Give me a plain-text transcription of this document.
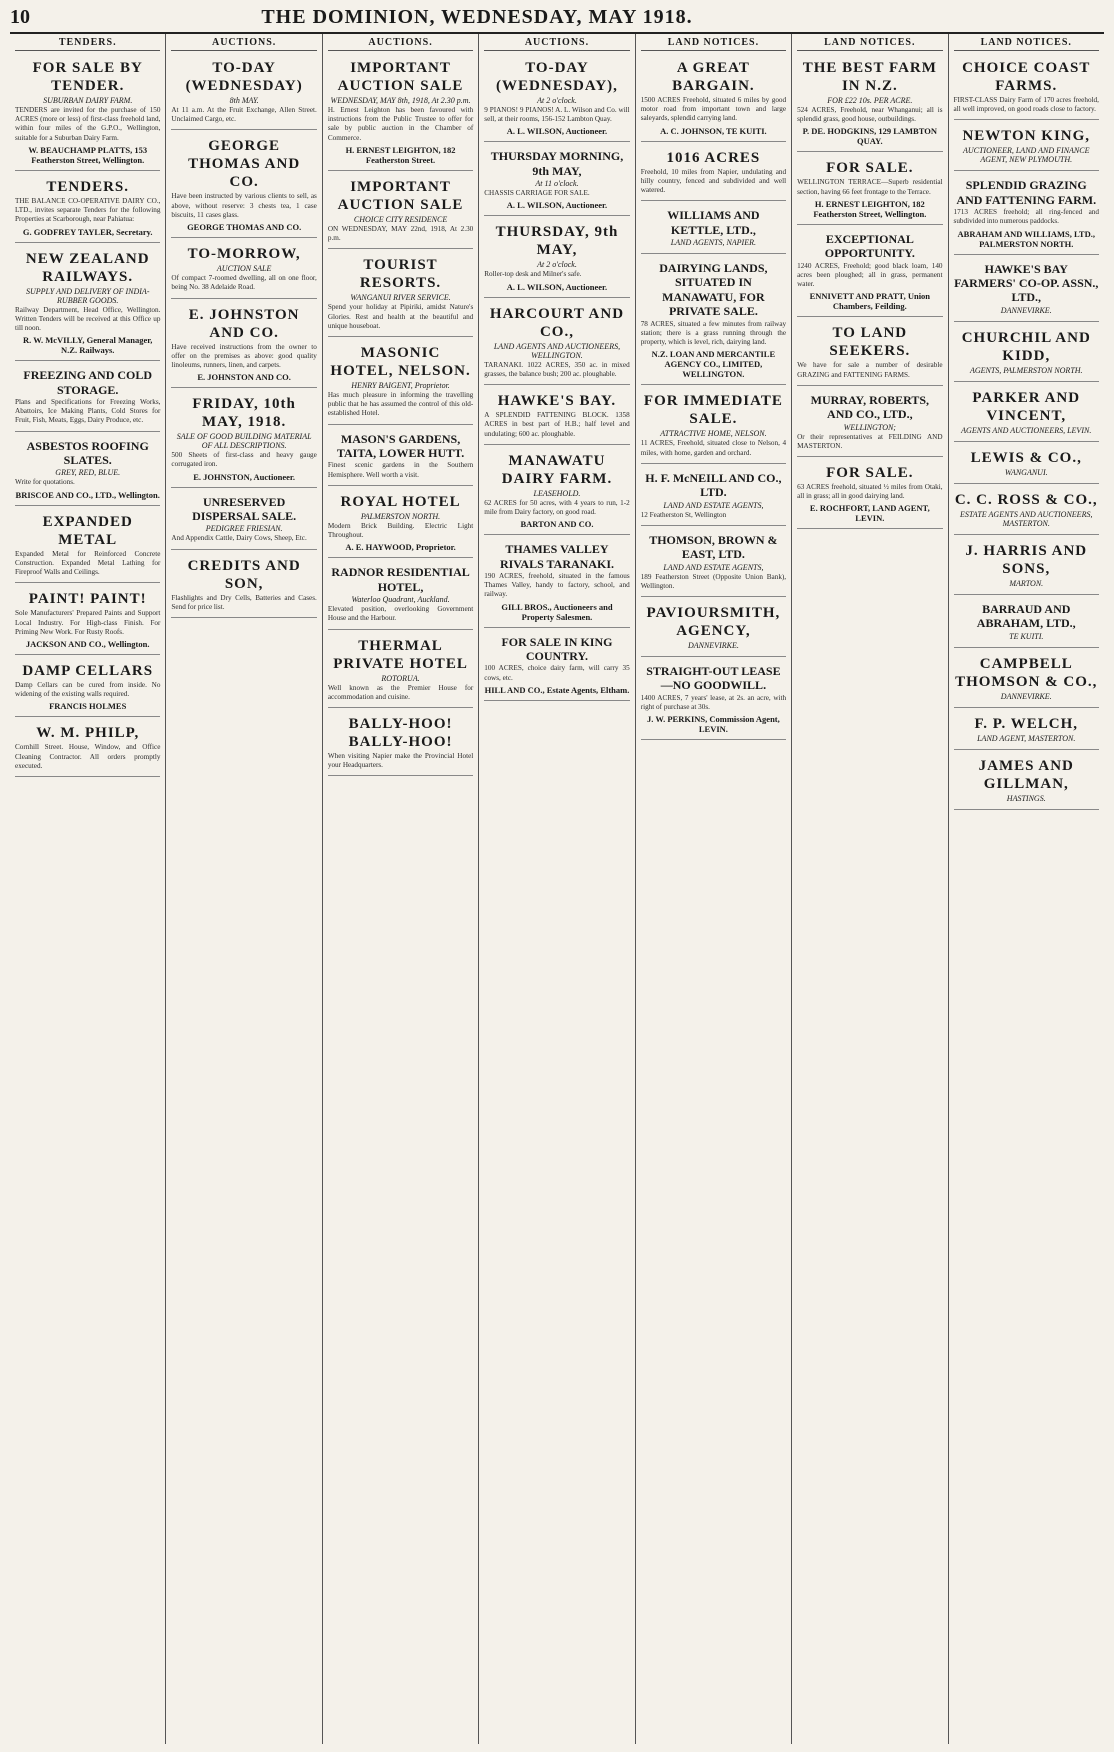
10	THE DOMINION, WEDNESDAY, MAY 1918.
TENDERS.
FOR SALE BY TENDER.
SUBURBAN DAIRY FARM.
TENDERS are invited for the purchase of 150 ACRES (more or less) of first-class freehold land, within four miles of the G.P.O., Wellington, suitable for a Suburban Dairy Farm.
W. BEAUCHAMP PLATTS, 153 Featherston Street, Wellington.
TENDERS.
THE BALANCE CO-OPERATIVE DAIRY CO., LTD., invites separate Tenders for the following Properties at Scarborough, near Pahiatua:
G. GODFREY TAYLER, Secretary.
NEW ZEALAND RAILWAYS.
SUPPLY AND DELIVERY OF INDIA-RUBBER GOODS.
Railway Department, Head Office, Wellington. Written Tenders will be received at this Office up till noon.
R. W. McVILLY, General Manager, N.Z. Railways.
FREEZING AND COLD STORAGE.
Plans and Specifications for Freezing Works, Abattoirs, Ice Making Plants, Cold Stores for Fruit, Fish, Meats, Eggs, Dairy Produce, etc.
ASBESTOS ROOFING SLATES.
GREY, RED, BLUE.
Write for quotations.
BRISCOE AND CO., LTD., Wellington.
EXPANDED METAL
Expanded Metal for Reinforced Concrete Construction. Expanded Metal Lathing for Fireproof Walls and Ceilings.
PAINT! PAINT!
Sole Manufacturers' Prepared Paints and Support Local Industry. For High-class Finish. For Priming New Work. For Rusty Roofs.
JACKSON AND CO., Wellington.
DAMP CELLARS
Damp Cellars can be cured from inside. No widening of the existing walls required.
FRANCIS HOLMES
W. M. PHILP,
Cornhill Street. House, Window, and Office Cleaning Contractor. All orders promptly executed.
AUCTIONS.
TO-DAY (WEDNESDAY)
8th MAY.
At 11 a.m. At the Fruit Exchange, Allen Street. Unclaimed Cargo, etc.
GEORGE THOMAS AND CO.
Have been instructed by various clients to sell, as above, without reserve: 3 chests tea, 1 case biscuits, 11 cases glass.
GEORGE THOMAS AND CO.
TO-MORROW,
AUCTION SALE
Of compact 7-roomed dwelling, all on one floor, being No. 38 Adelaide Road.
E. JOHNSTON AND CO.
Have received instructions from the owner to offer on the premises as above: good quality linoleums, runners, linen, and carpets.
E. JOHNSTON AND CO.
FRIDAY, 10th MAY, 1918.
SALE OF GOOD BUILDING MATERIAL OF ALL DESCRIPTIONS.
500 Sheets of first-class and heavy gauge corrugated iron.
E. JOHNSTON, Auctioneer.
UNRESERVED DISPERSAL SALE.
PEDIGREE FRIESIAN.
And Appendix Cattle, Dairy Cows, Sheep, Etc.
CREDITS AND SON,
Flashlights and Dry Cells, Batteries and Cases. Send for price list.
AUCTIONS.
IMPORTANT AUCTION SALE
WEDNESDAY, MAY 8th, 1918, At 2.30 p.m.
H. Ernest Leighton has been favoured with instructions from the Public Trustee to offer for sale by public auction in the Chamber of Commerce.
H. ERNEST LEIGHTON, 182 Featherston Street.
IMPORTANT AUCTION SALE
CHOICE CITY RESIDENCE
ON WEDNESDAY, MAY 22nd, 1918, At 2.30 p.m.
TOURIST RESORTS.
WANGANUI RIVER SERVICE.
Spend your holiday at Pipiriki, amidst Nature's Glories. Rest and health at the beautiful and unique houseboat.
MASONIC HOTEL, NELSON.
HENRY BAIGENT, Proprietor.
Has much pleasure in informing the travelling public that he has assumed the control of this old-established Hotel.
MASON'S GARDENS, TAITA, LOWER HUTT.
Finest scenic gardens in the Southern Hemisphere. Well worth a visit.
ROYAL HOTEL
PALMERSTON NORTH.
Modern Brick Building. Electric Light Throughout.
A. E. HAYWOOD, Proprietor.
RADNOR RESIDENTIAL HOTEL,
Waterloo Quadrant, Auckland.
Elevated position, overlooking Government House and the Harbour.
THERMAL PRIVATE HOTEL
ROTORUA.
Well known as the Premier House for accommodation and cuisine.
BALLY-HOO! BALLY-HOO!
When visiting Napier make the Provincial Hotel your Headquarters.
AUCTIONS.
TO-DAY (WEDNESDAY),
At 2 o'clock.
9 PIANOS! 9 PIANOS! A. L. Wilson and Co. will sell, at their rooms, 156-152 Lambton Quay.
A. L. WILSON, Auctioneer.
THURSDAY MORNING, 9th MAY,
At 11 o'clock.
CHASSIS CARRIAGE FOR SALE.
A. L. WILSON, Auctioneer.
THURSDAY, 9th MAY,
At 2 o'clock.
Roller-top desk and Milner's safe.
A. L. WILSON, Auctioneer.
HARCOURT AND CO.,
LAND AGENTS AND AUCTIONEERS, WELLINGTON.
TARANAKI. 1022 ACRES, 350 ac. in mixed grasses, the balance bush; 200 ac. ploughable.
HAWKE'S BAY.
A SPLENDID FATTENING BLOCK. 1358 ACRES in best part of H.B.; half level and undulating; 600 ac. ploughable.
MANAWATU DAIRY FARM.
LEASEHOLD.
62 ACRES for 50 acres, with 4 years to run, 1-2 mile from Dairy factory, on good road.
BARTON AND CO.
THAMES VALLEY RIVALS TARANAKI.
190 ACRES, freehold, situated in the famous Thames Valley, handy to factory, school, and railway.
GILL BROS., Auctioneers and Property Salesmen.
FOR SALE IN KING COUNTRY.
100 ACRES, choice dairy farm, will carry 35 cows, etc.
HILL AND CO., Estate Agents, Eltham.
LAND NOTICES.
A GREAT BARGAIN.
1500 ACRES Freehold, situated 6 miles by good motor road from important town and large saleyards, splendid carrying land.
A. C. JOHNSON, TE KUITI.
1016 ACRES
Freehold, 10 miles from Napier, undulating and hilly country, fenced and subdivided and well watered.
WILLIAMS AND KETTLE, LTD.,
LAND AGENTS, NAPIER.
DAIRYING LANDS, SITUATED IN MANAWATU, FOR PRIVATE SALE.
78 ACRES, situated a few minutes from railway station; there is a grass running through the property, which is level, rich, dairying land.
N.Z. LOAN AND MERCANTILE AGENCY CO., LIMITED, WELLINGTON.
FOR IMMEDIATE SALE.
ATTRACTIVE HOME, NELSON.
11 ACRES, Freehold, situated close to Nelson, 4 miles, with home, garden and orchard.
H. F. McNEILL AND CO., LTD.
LAND AND ESTATE AGENTS,
12 Featherston St, Wellington
THOMSON, BROWN & EAST, LTD.
LAND AND ESTATE AGENTS,
189 Featherston Street (Opposite Union Bank), Wellington.
PAVIOURSMITH, AGENCY,
DANNEVIRKE.
STRAIGHT-OUT LEASE—NO GOODWILL.
1400 ACRES, 7 years' lease, at 2s. an acre, with right of purchase at 30s.
J. W. PERKINS, Commission Agent, LEVIN.
LAND NOTICES.
THE BEST FARM IN N.Z.
FOR £22 10s. PER ACRE.
524 ACRES, Freehold, near Whanganui; all is splendid grass, good house, outbuildings.
P. DE. HODGKINS, 129 LAMBTON QUAY.
FOR SALE.
WELLINGTON TERRACE—Superb residential section, having 66 feet frontage to the Terrace.
H. ERNEST LEIGHTON, 182 Featherston Street, Wellington.
EXCEPTIONAL OPPORTUNITY.
1240 ACRES, Freehold; good black loam, 140 acres been ploughed; all in grass, permanent water.
ENNIVETT AND PRATT, Union Chambers, Feilding.
TO LAND SEEKERS.
We have for sale a number of desirable GRAZING and FATTENING FARMS.
MURRAY, ROBERTS, AND CO., LTD.,
WELLINGTON;
Or their representatives at FEILDING AND MASTERTON.
FOR SALE.
63 ACRES freehold, situated ½ miles from Otaki, all in grass; all in good dairying land.
E. ROCHFORT, LAND AGENT, LEVIN.
LAND NOTICES.
CHOICE COAST FARMS.
FIRST-CLASS Dairy Farm of 170 acres freehold, all well improved, on good roads close to factory.
NEWTON KING,
AUCTIONEER, LAND AND FINANCE AGENT, NEW PLYMOUTH.
SPLENDID GRAZING AND FATTENING FARM.
1713 ACRES freehold; all ring-fenced and subdivided into numerous paddocks.
ABRAHAM AND WILLIAMS, LTD., PALMERSTON NORTH.
HAWKE'S BAY FARMERS' CO-OP. ASSN., LTD.,
DANNEVIRKE.
CHURCHIL AND KIDD,
AGENTS, PALMERSTON NORTH.
PARKER AND VINCENT,
AGENTS AND AUCTIONEERS, LEVIN.
LEWIS & CO.,
WANGANUI.
C. C. ROSS & CO.,
ESTATE AGENTS AND AUCTIONEERS, MASTERTON.
J. HARRIS AND SONS,
MARTON.
BARRAUD AND ABRAHAM, LTD.,
TE KUITI.
CAMPBELL THOMSON & CO.,
DANNEVIRKE.
F. P. WELCH,
LAND AGENT, MASTERTON.
JAMES AND GILLMAN,
HASTINGS.
